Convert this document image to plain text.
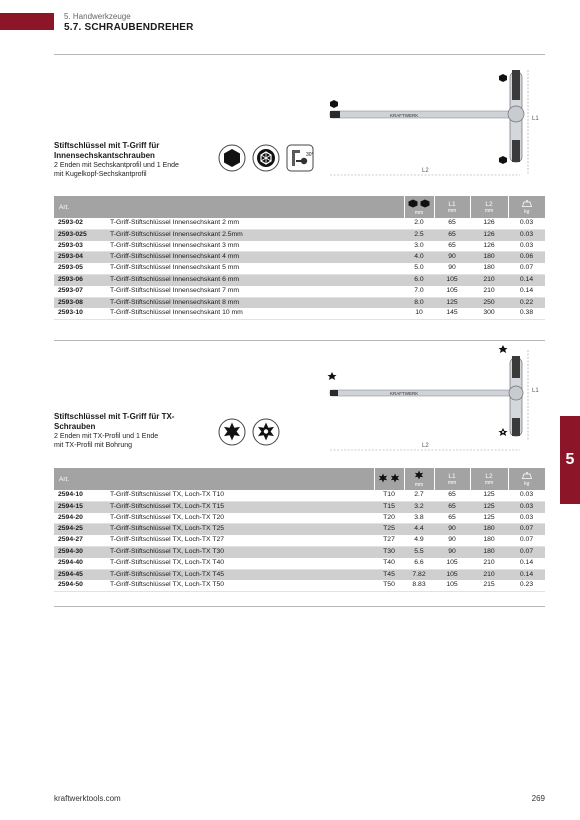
5. Handwerkzeuge
5.7. SCHRAUBENDREHER
L1
L2
KRAFTWERK
Stiftschlüssel mit T-Griff für Innensechskantschrauben
2 Enden mit Sechskantprofil und 1 Ende
mit Kugelkopf-Sechskantprofil
30°
Art.		mm	L1
mm	L2
mm	kg

2593-02	T-Griff-Stiftschlüssel Innensechskant 2 mm	2.0	65	126	0.03
2593-025	T-Griff-Stiftschlüssel Innensechskant 2.5mm	2.5	65	126	0.03
2593-03	T-Griff-Stiftschlüssel Innensechskant 3 mm	3.0	65	126	0.03
2593-04	T-Griff-Stiftschlüssel Innensechskant 4 mm	4.0	90	180	0.06
2593-05	T-Griff-Stiftschlüssel Innensechskant 5 mm	5.0	90	180	0.07
2593-06	T-Griff-Stiftschlüssel Innensechskant 6 mm	6.0	105	210	0.14
2593-07	T-Griff-Stiftschlüssel Innensechskant 7 mm	7.0	105	210	0.14
2593-08	T-Griff-Stiftschlüssel Innensechskant 8 mm	8.0	125	250	0.22
2593-10	T-Griff-Stiftschlüssel Innensechskant 10 mm	10	145	300	0.38
L1
L2
KRAFTWERK
Stiftschlüssel mit T-Griff für TX-Schrauben
2 Enden mit TX-Profil und 1 Ende
mit TX-Profil mit Bohrung
Art.			mm	L1
mm	L2
mm	kg

2594-10	T-Griff-Stiftschlüssel TX, Loch-TX T10	T10	2.7	65	125	0.03
2594-15	T-Griff-Stiftschlüssel TX, Loch-TX T15	T15	3.2	65	125	0.03
2594-20	T-Griff-Stiftschlüssel TX, Loch-TX T20	T20	3.8	65	125	0.03
2594-25	T-Griff-Stiftschlüssel TX, Loch-TX T25	T25	4.4	90	180	0.07
2594-27	T-Griff-Stiftschlüssel TX, Loch-TX T27	T27	4.9	90	180	0.07
2594-30	T-Griff-Stiftschlüssel TX, Loch-TX T30	T30	5.5	90	180	0.07
2594-40	T-Griff-Stiftschlüssel TX, Loch-TX T40	T40	6.6	105	210	0.14
2594-45	T-Griff-Stiftschlüssel TX, Loch-TX T45	T45	7.82	105	210	0.14
2594-50	T-Griff-Stiftschlüssel TX, Loch-TX T50	T50	8.83	105	215	0.23
5
kraftwerktools.com	269
